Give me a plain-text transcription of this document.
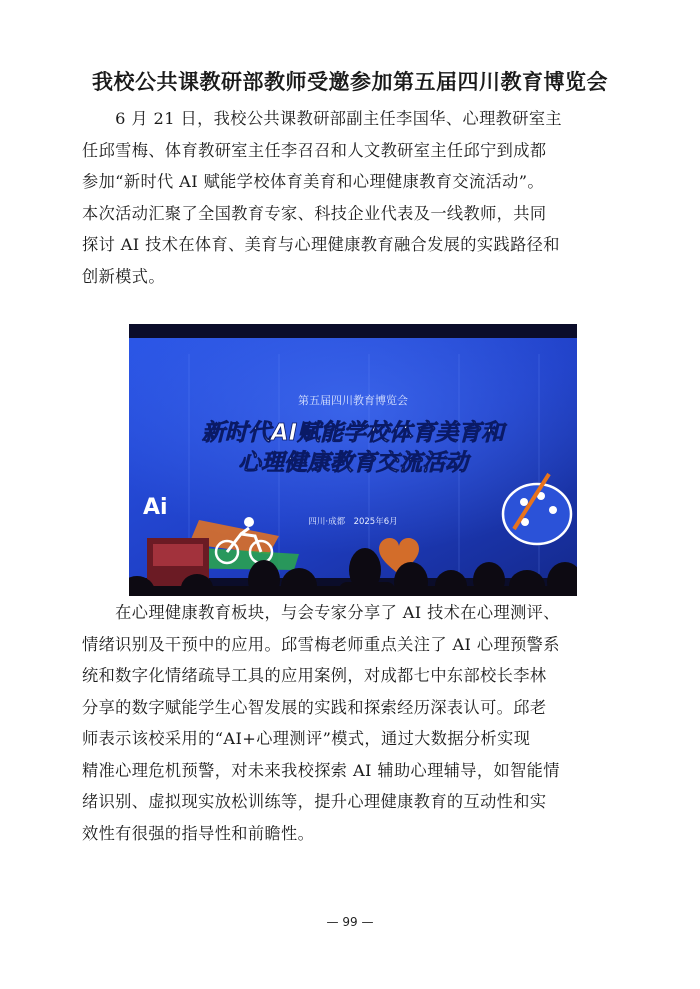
我校公共课教研部教师受邀参加第五届四川教育博览会
　　6 月 21 日，我校公共课教研部副主任李国华、心理教研室主
任邱雪梅、体育教研室主任李召召和人文教研室主任邱宁到成都
参加“新时代 AI 赋能学校体育美育和心理健康教育交流活动”。
本次活动汇聚了全国教育专家、科技企业代表及一线教师，共同
探讨 AI 技术在体育、美育与心理健康教育融合发展的实践路径和
创新模式。
第五届四川教育博览会
新时代AI赋能学校体育美育和
心理健康教育交流活动
四川·成都　2025年6月
Ai
　　在心理健康教育板块，与会专家分享了 AI 技术在心理测评、
情绪识别及干预中的应用。邱雪梅老师重点关注了 AI 心理预警系
统和数字化情绪疏导工具的应用案例，对成都七中东部校长李林
分享的数字赋能学生心智发展的实践和探索经历深表认可。邱老
师表示该校采用的“AI+心理测评”模式，通过大数据分析实现
精准心理危机预警，对未来我校探索 AI 辅助心理辅导，如智能情
绪识别、虚拟现实放松训练等，提升心理健康教育的互动性和实
效性有很强的指导性和前瞻性。
— 99 —
